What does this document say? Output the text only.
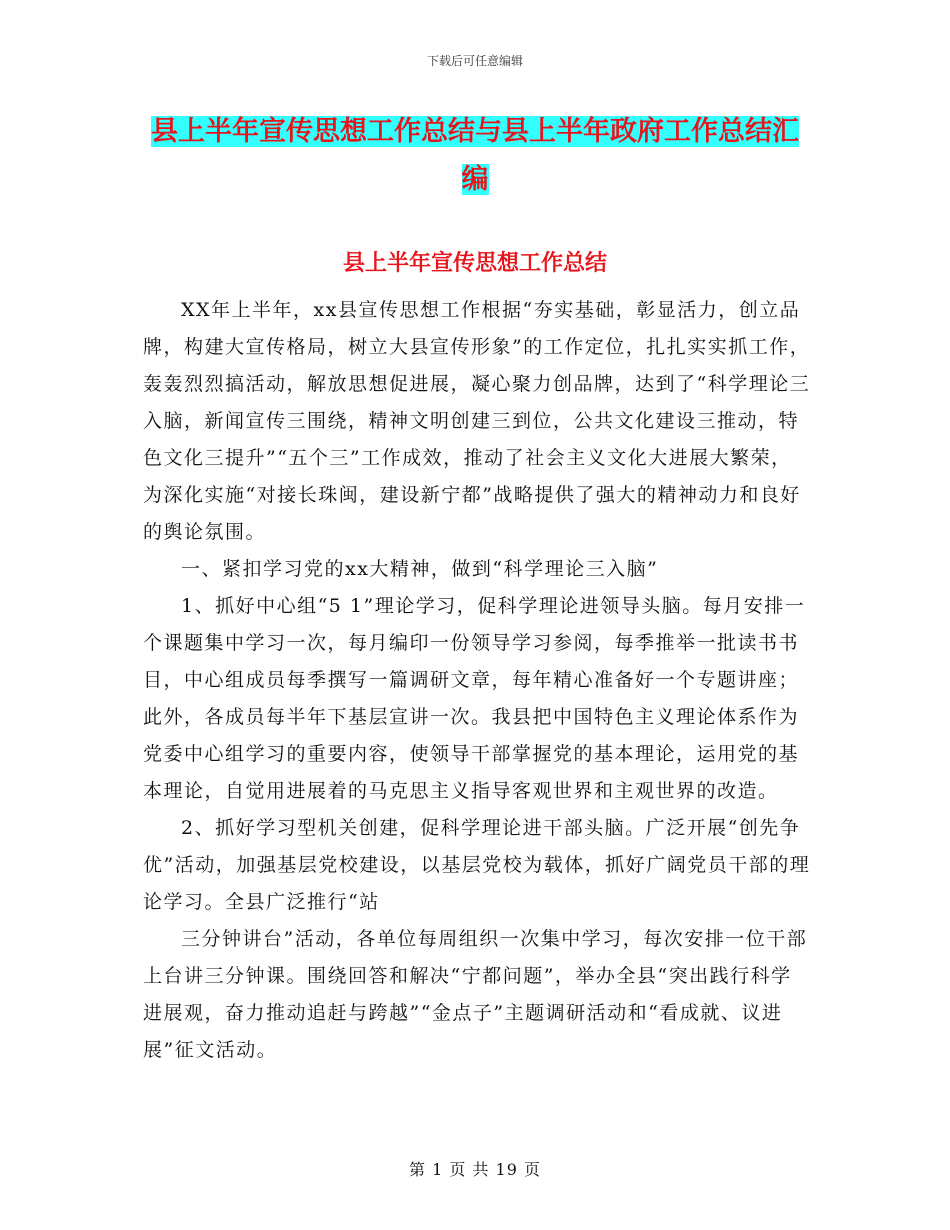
下载后可任意编辑
县上半年宣传思想工作总结与县上半年政府工作总结汇编
县上半年宣传思想工作总结

XX年上半年，xx县宣传思想工作根据“夯实基础，彰显活力，创立品牌，构建大宣传格局，树立大县宣传形象”的工作定位，扎扎实实抓工作，轰轰烈烈搞活动，解放思想促进展，凝心聚力创品牌，达到了“科学理论三入脑，新闻宣传三围绕，精神文明创建三到位，公共文化建设三推动，特色文化三提升”“五个三”工作成效，推动了社会主义文化大进展大繁荣，为深化实施“对接长珠闽，建设新宁都”战略提供了强大的精神动力和良好的舆论氛围。

一、紧扣学习党的xx大精神，做到“科学理论三入脑”

1、抓好中心组“5 1”理论学习，促科学理论进领导头脑。每月安排一个课题集中学习一次，每月编印一份领导学习参阅，每季推举一批读书书目，中心组成员每季撰写一篇调研文章，每年精心准备好一个专题讲座；此外，各成员每半年下基层宣讲一次。我县把中国特色主义理论体系作为党委中心组学习的重要内容，使领导干部掌握党的基本理论，运用党的基本理论，自觉用进展着的马克思主义指导客观世界和主观世界的改造。

2、抓好学习型机关创建，促科学理论进干部头脑。广泛开展“创先争优”活动，加强基层党校建设，以基层党校为载体，抓好广阔党员干部的理论学习。全县广泛推行“站

三分钟讲台”活动，各单位每周组织一次集中学习，每次安排一位干部上台讲三分钟课。围绕回答和解决“宁都问题”，举办全县“突出践行科学进展观，奋力推动追赶与跨越”“金点子”主题调研活动和“看成就、议进展”征文活动。

第 1 页 共 19 页
